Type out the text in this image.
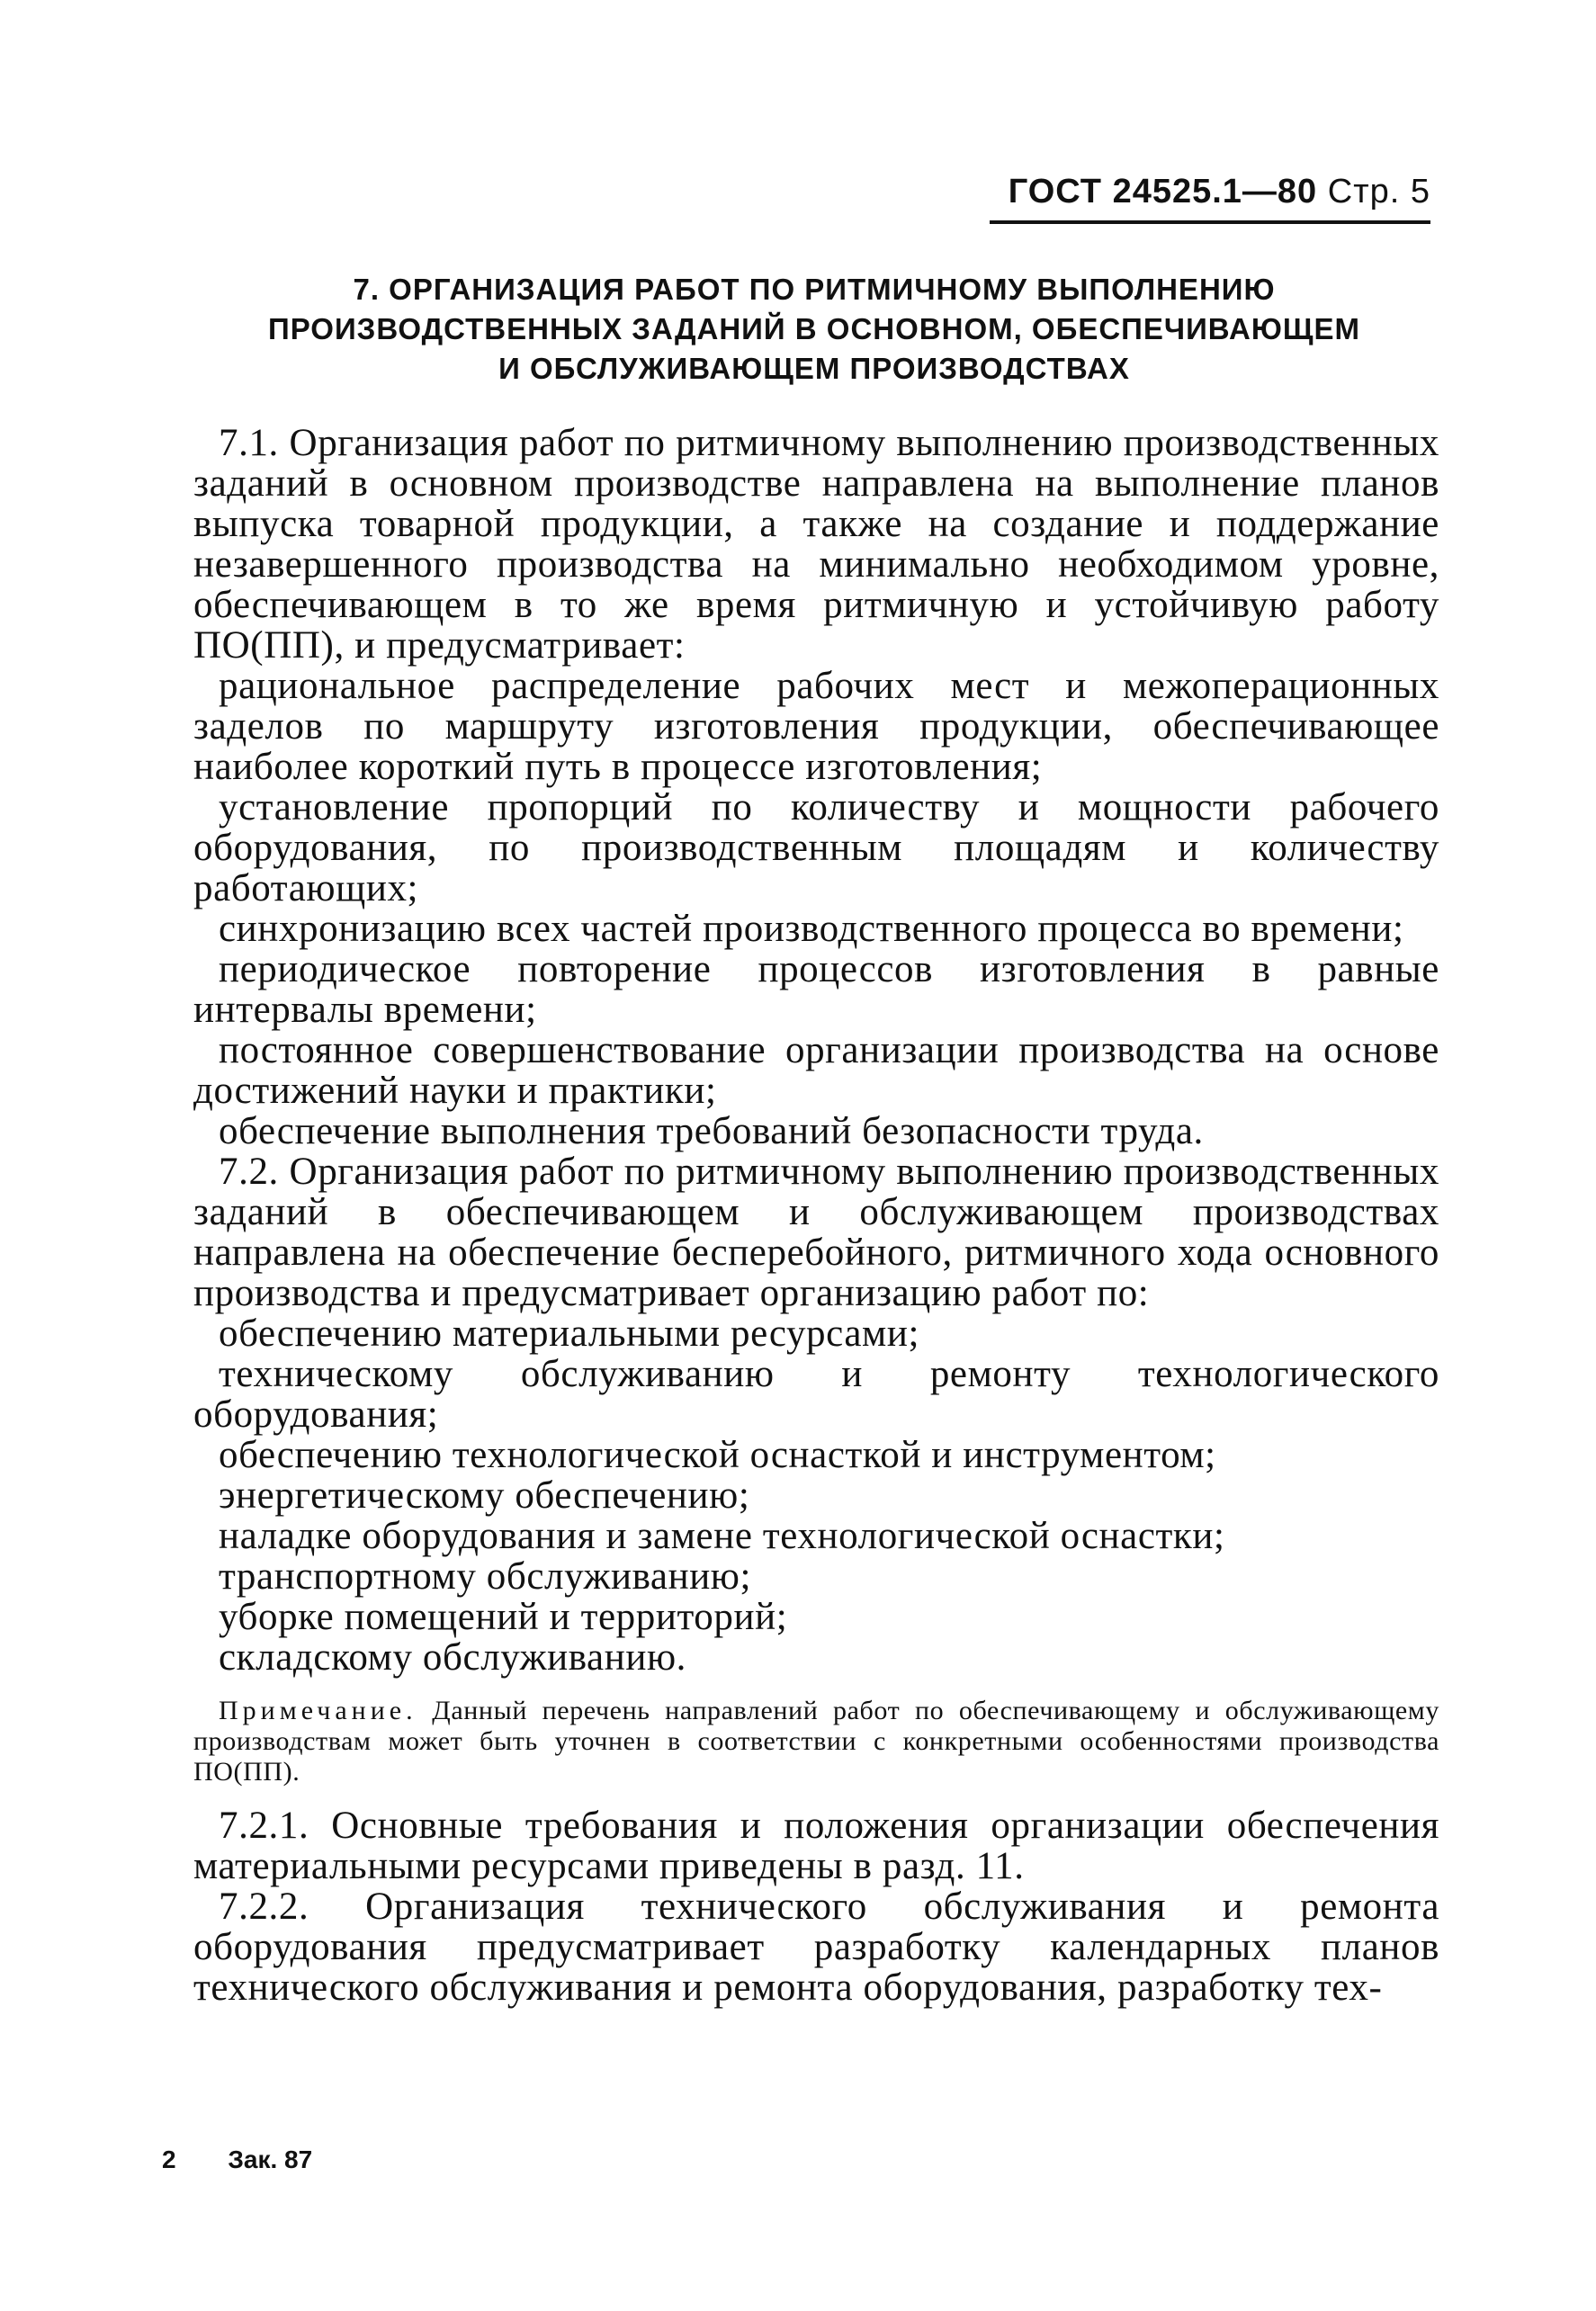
ГОСТ 24525.1—80 Стр. 5
7. ОРГАНИЗАЦИЯ РАБОТ ПО РИТМИЧНОМУ ВЫПОЛНЕНИЮ
ПРОИЗВОДСТВЕННЫХ ЗАДАНИЙ В ОСНОВНОМ, ОБЕСПЕЧИВАЮЩЕМ
И ОБСЛУЖИВАЮЩЕМ ПРОИЗВОДСТВАХ

7.1. Организация работ по ритмичному выполнению производственных заданий в основном производстве направлена на выполнение планов выпуска товарной продукции, а также на создание и поддержание незавершенного производства на минимально необходимом уровне, обеспечивающем в то же время ритмичную и устойчивую работу ПО(ПП), и предусматривает:

рациональное распределение рабочих мест и межоперационных заделов по маршруту изготовления продукции, обеспечивающее наиболее короткий путь в процессе изготовления;

установление пропорций по количеству и мощности рабочего оборудования, по производственным площадям и количеству работающих;

синхронизацию всех частей производственного процесса во времени;

периодическое повторение процессов изготовления в равные интервалы времени;

постоянное совершенствование организации производства на основе достижений науки и практики;

обеспечение выполнения требований безопасности труда.

7.2. Организация работ по ритмичному выполнению производственных заданий в обеспечивающем и обслуживающем производствах направлена на обеспечение бесперебойного, ритмичного хода основного производства и предусматривает организацию работ по:

обеспечению материальными ресурсами;

техническому обслуживанию и ремонту технологического оборудования;

обеспечению технологической оснасткой и инструментом;

энергетическому обеспечению;

наладке оборудования и замене технологической оснастки;

транспортному обслуживанию;

уборке помещений и территорий;

складскому обслуживанию.

Примечание. Данный перечень направлений работ по обеспечивающему и обслуживающему производствам может быть уточнен в соответствии с конкретными особенностями производства ПО(ПП).

7.2.1. Основные требования и положения организации обеспечения материальными ресурсами приведены в разд. 11.

7.2.2. Организация технического обслуживания и ремонта оборудования предусматривает разработку календарных планов технического обслуживания и ремонта оборудования, разработку тех-

2 Зак. 87
